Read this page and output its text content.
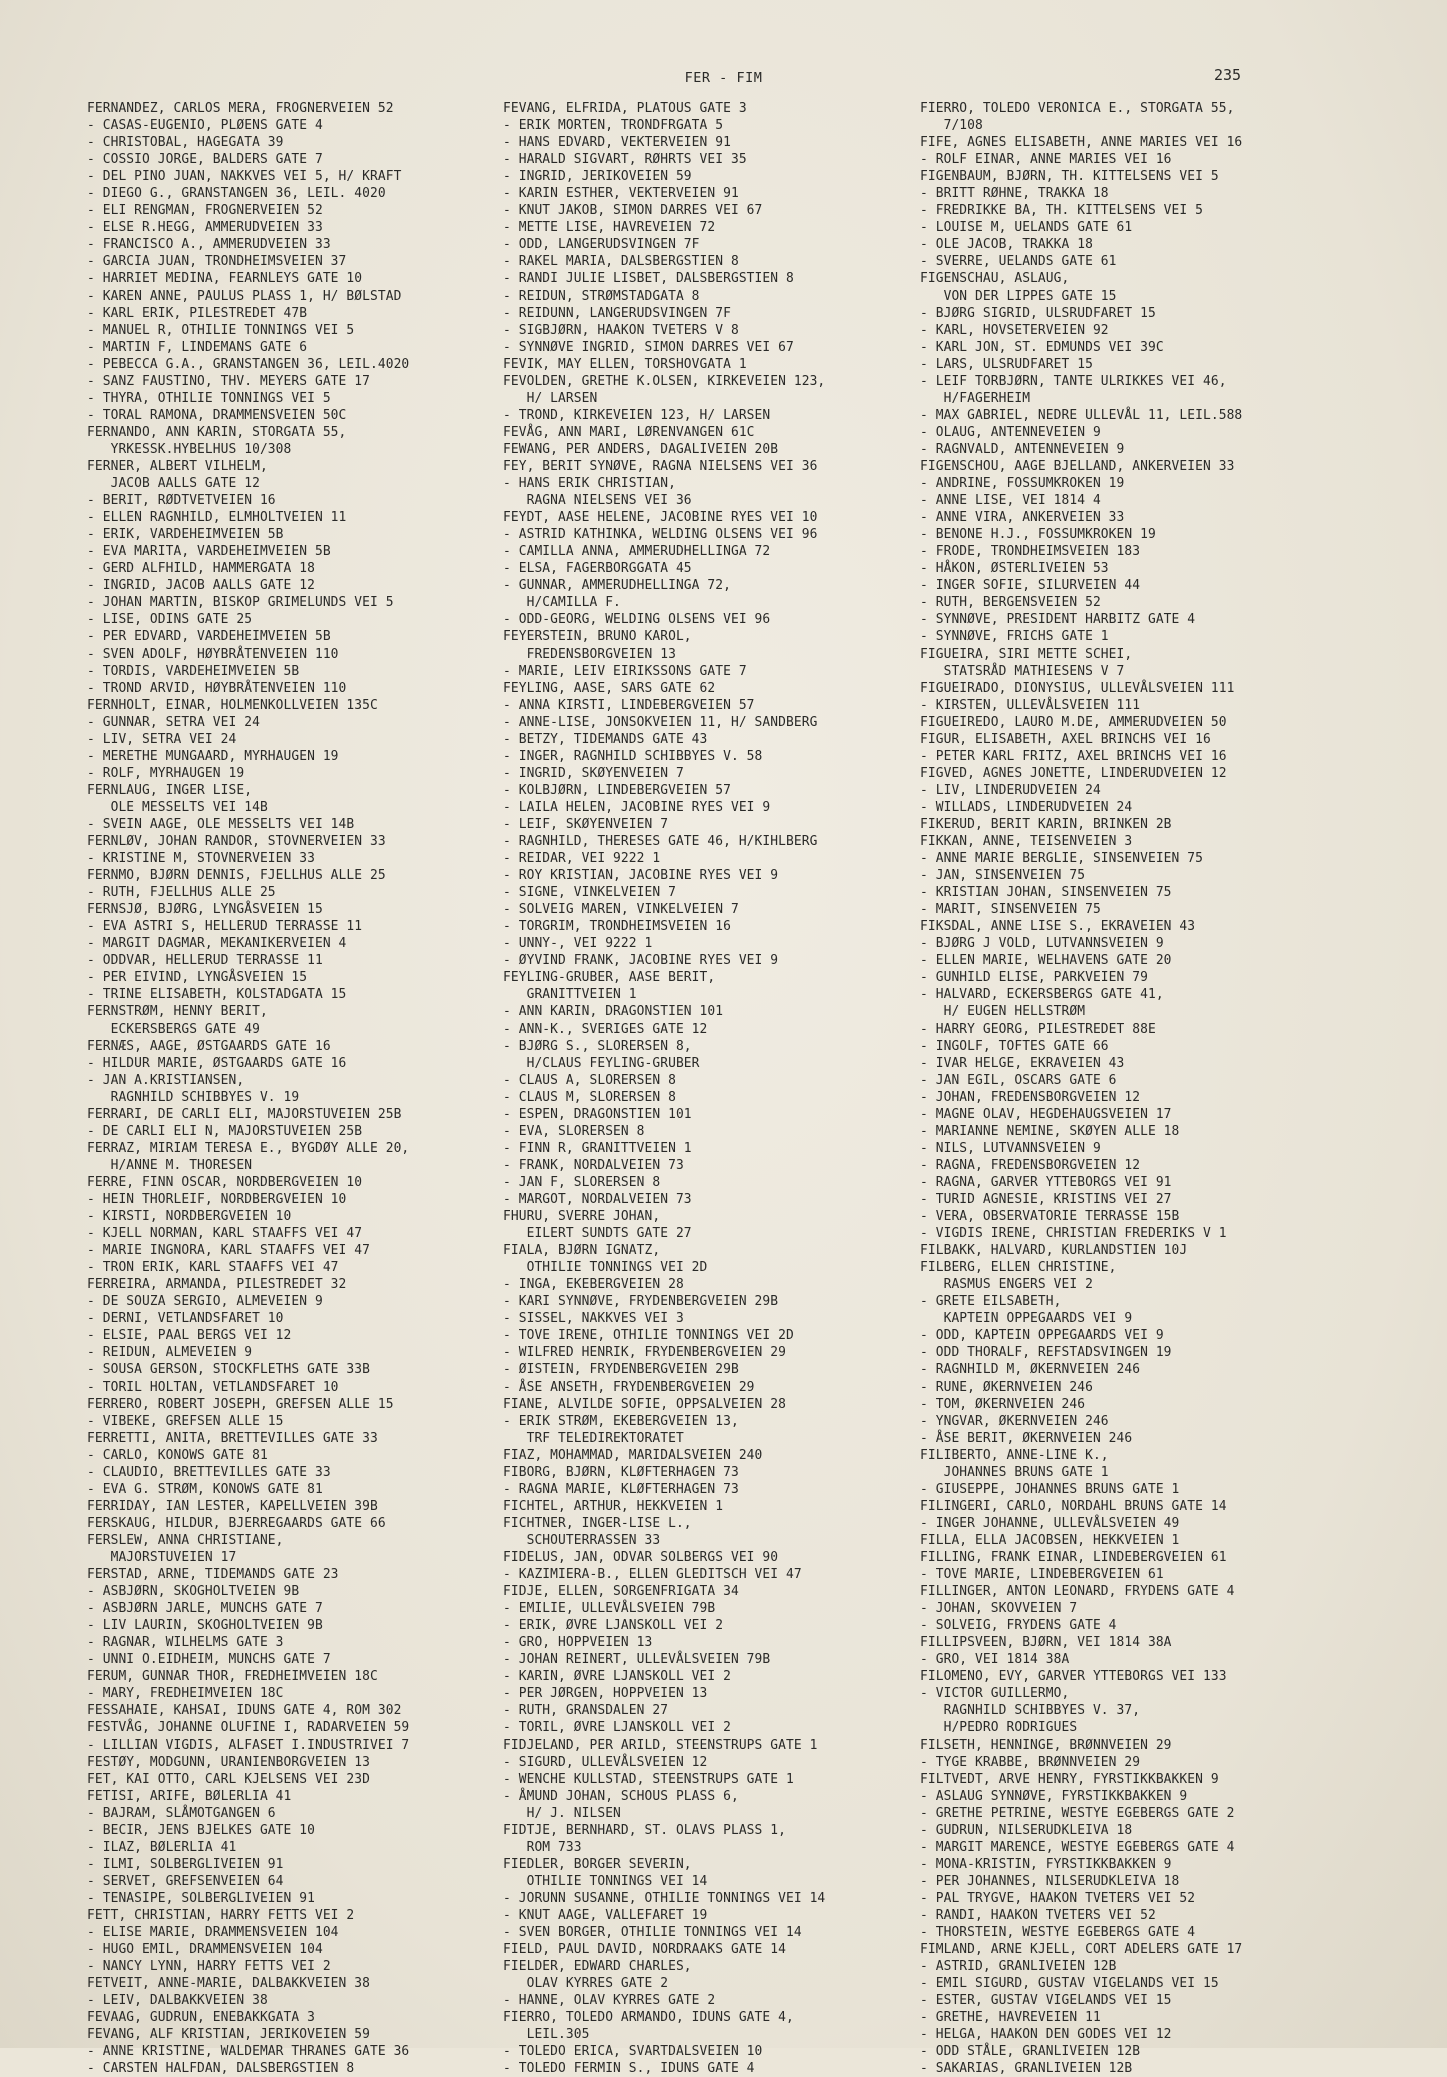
FER - FIM	235
FERNANDEZ, CARLOS MERA, FROGNERVEIEN 52
- CASAS-EUGENIO, PLØENS GATE 4
- CHRISTOBAL, HAGEGATA 39
- COSSIO JORGE, BALDERS GATE 7
- DEL PINO JUAN, NAKKVES VEI 5, H/ KRAFT
- DIEGO G., GRANSTANGEN 36, LEIL. 4020
- ELI RENGMAN, FROGNERVEIEN 52
- ELSE R.HEGG, AMMERUDVEIEN 33
- FRANCISCO A., AMMERUDVEIEN 33
- GARCIA JUAN, TRONDHEIMSVEIEN 37
- HARRIET MEDINA, FEARNLEYS GATE 10
- KAREN ANNE, PAULUS PLASS 1, H/ BØLSTAD
- KARL ERIK, PILESTREDET 47B
- MANUEL R, OTHILIE TONNINGS VEI 5
- MARTIN F, LINDEMANS GATE 6
- PEBECCA G.A., GRANSTANGEN 36, LEIL.4020
- SANZ FAUSTINO, THV. MEYERS GATE 17
- THYRA, OTHILIE TONNINGS VEI 5
- TORAL RAMONA, DRAMMENSVEIEN 50C
FERNANDO, ANN KARIN, STORGATA 55,
YRKESSK.HYBELHUS 10/308
FERNER, ALBERT VILHELM,
JACOB AALLS GATE 12
- BERIT, RØDTVETVEIEN 16
- ELLEN RAGNHILD, ELMHOLTVEIEN 11
- ERIK, VARDEHEIMVEIEN 5B
- EVA MARITA, VARDEHEIMVEIEN 5B
- GERD ALFHILD, HAMMERGATA 18
- INGRID, JACOB AALLS GATE 12
- JOHAN MARTIN, BISKOP GRIMELUNDS VEI 5
- LISE, ODINS GATE 25
- PER EDVARD, VARDEHEIMVEIEN 5B
- SVEN ADOLF, HØYBRÅTENVEIEN 110
- TORDIS, VARDEHEIMVEIEN 5B
- TROND ARVID, HØYBRÅTENVEIEN 110
FERNHOLT, EINAR, HOLMENKOLLVEIEN 135C
- GUNNAR, SETRA VEI 24
- LIV, SETRA VEI 24
- MERETHE MUNGAARD, MYRHAUGEN 19
- ROLF, MYRHAUGEN 19
FERNLAUG, INGER LISE,
OLE MESSELTS VEI 14B
- SVEIN AAGE, OLE MESSELTS VEI 14B
FERNLØV, JOHAN RANDOR, STOVNERVEIEN 33
- KRISTINE M, STOVNERVEIEN 33
FERNMO, BJØRN DENNIS, FJELLHUS ALLE 25
- RUTH, FJELLHUS ALLE 25
FERNSJØ, BJØRG, LYNGÅSVEIEN 15
- EVA ASTRI S, HELLERUD TERRASSE 11
- MARGIT DAGMAR, MEKANIKERVEIEN 4
- ODDVAR, HELLERUD TERRASSE 11
- PER EIVIND, LYNGÅSVEIEN 15
- TRINE ELISABETH, KOLSTADGATA 15
FERNSTRØM, HENNY BERIT,
ECKERSBERGS GATE 49
FERNÆS, AAGE, ØSTGAARDS GATE 16
- HILDUR MARIE, ØSTGAARDS GATE 16
- JAN A.KRISTIANSEN,
RAGNHILD SCHIBBYES V. 19
FERRARI, DE CARLI ELI, MAJORSTUVEIEN 25B
- DE CARLI ELI N, MAJORSTUVEIEN 25B
FERRAZ, MIRIAM TERESA E., BYGDØY ALLE 20,
H/ANNE M. THORESEN
FERRE, FINN OSCAR, NORDBERGVEIEN 10
- HEIN THORLEIF, NORDBERGVEIEN 10
- KIRSTI, NORDBERGVEIEN 10
- KJELL NORMAN, KARL STAAFFS VEI 47
- MARIE INGNORA, KARL STAAFFS VEI 47
- TRON ERIK, KARL STAAFFS VEI 47
FERREIRA, ARMANDA, PILESTREDET 32
- DE SOUZA SERGIO, ALMEVEIEN 9
- DERNI, VETLANDSFARET 10
- ELSIE, PAAL BERGS VEI 12
- REIDUN, ALMEVEIEN 9
- SOUSA GERSON, STOCKFLETHS GATE 33B
- TORIL HOLTAN, VETLANDSFARET 10
FERRERO, ROBERT JOSEPH, GREFSEN ALLE 15
- VIBEKE, GREFSEN ALLE 15
FERRETTI, ANITA, BRETTEVILLES GATE 33
- CARLO, KONOWS GATE 81
- CLAUDIO, BRETTEVILLES GATE 33
- EVA G. STRØM, KONOWS GATE 81
FERRIDAY, IAN LESTER, KAPELLVEIEN 39B
FERSKAUG, HILDUR, BJERREGAARDS GATE 66
FERSLEW, ANNA CHRISTIANE,
MAJORSTUVEIEN 17
FERSTAD, ARNE, TIDEMANDS GATE 23
- ASBJØRN, SKOGHOLTVEIEN 9B
- ASBJØRN JARLE, MUNCHS GATE 7
- LIV LAURIN, SKOGHOLTVEIEN 9B
- RAGNAR, WILHELMS GATE 3
- UNNI O.EIDHEIM, MUNCHS GATE 7
FERUM, GUNNAR THOR, FREDHEIMVEIEN 18C
- MARY, FREDHEIMVEIEN 18C
FESSAHAIE, KAHSAI, IDUNS GATE 4, ROM 302
FESTVÅG, JOHANNE OLUFINE I, RADARVEIEN 59
- LILLIAN VIGDIS, ALFASET I.INDUSTRIVEI 7
FESTØY, MODGUNN, URANIENBORGVEIEN 13
FET, KAI OTTO, CARL KJELSENS VEI 23D
FETISI, ARIFE, BØLERLIA 41
- BAJRAM, SLÅMOTGANGEN 6
- BECIR, JENS BJELKES GATE 10
- ILAZ, BØLERLIA 41
- ILMI, SOLBERGLIVEIEN 91
- SERVET, GREFSENVEIEN 64
- TENASIPE, SOLBERGLIVEIEN 91
FETT, CHRISTIAN, HARRY FETTS VEI 2
- ELISE MARIE, DRAMMENSVEIEN 104
- HUGO EMIL, DRAMMENSVEIEN 104
- NANCY LYNN, HARRY FETTS VEI 2
FETVEIT, ANNE-MARIE, DALBAKKVEIEN 38
- LEIV, DALBAKKVEIEN 38
FEVAAG, GUDRUN, ENEBAKKGATA 3
FEVANG, ALF KRISTIAN, JERIKOVEIEN 59
- ANNE KRISTINE, WALDEMAR THRANES GATE 36
- CARSTEN HALFDAN, DALSBERGSTIEN 8
FEVANG, ELFRIDA, PLATOUS GATE 3
- ERIK MORTEN, TRONDFRGATA 5
- HANS EDVARD, VEKTERVEIEN 91
- HARALD SIGVART, RØHRTS VEI 35
- INGRID, JERIKOVEIEN 59
- KARIN ESTHER, VEKTERVEIEN 91
- KNUT JAKOB, SIMON DARRES VEI 67
- METTE LISE, HAVREVEIEN 72
- ODD, LANGERUDSVINGEN 7F
- RAKEL MARIA, DALSBERGSTIEN 8
- RANDI JULIE LISBET, DALSBERGSTIEN 8
- REIDUN, STRØMSTADGATA 8
- REIDUNN, LANGERUDSVINGEN 7F
- SIGBJØRN, HAAKON TVETERS V 8
- SYNNØVE INGRID, SIMON DARRES VEI 67
FEVIK, MAY ELLEN, TORSHOVGATA 1
FEVOLDEN, GRETHE K.OLSEN, KIRKEVEIEN 123,
H/ LARSEN
- TROND, KIRKEVEIEN 123, H/ LARSEN
FEVÅG, ANN MARI, LØRENVANGEN 61C
FEWANG, PER ANDERS, DAGALIVEIEN 20B
FEY, BERIT SYNØVE, RAGNA NIELSENS VEI 36
- HANS ERIK CHRISTIAN,
RAGNA NIELSENS VEI 36
FEYDT, AASE HELENE, JACOBINE RYES VEI 10
- ASTRID KATHINKA, WELDING OLSENS VEI 96
- CAMILLA ANNA, AMMERUDHELLINGA 72
- ELSA, FAGERBORGGATA 45
- GUNNAR, AMMERUDHELLINGA 72,
H/CAMILLA F.
- ODD-GEORG, WELDING OLSENS VEI 96
FEYERSTEIN, BRUNO KAROL,
FREDENSBORGVEIEN 13
- MARIE, LEIV EIRIKSSONS GATE 7
FEYLING, AASE, SARS GATE 62
- ANNA KIRSTI, LINDEBERGVEIEN 57
- ANNE-LISE, JONSOKVEIEN 11, H/ SANDBERG
- BETZY, TIDEMANDS GATE 43
- INGER, RAGNHILD SCHIBBYES V. 58
- INGRID, SKØYENVEIEN 7
- KOLBJØRN, LINDEBERGVEIEN 57
- LAILA HELEN, JACOBINE RYES VEI 9
- LEIF, SKØYENVEIEN 7
- RAGNHILD, THERESES GATE 46, H/KIHLBERG
- REIDAR, VEI 9222 1
- ROY KRISTIAN, JACOBINE RYES VEI 9
- SIGNE, VINKELVEIEN 7
- SOLVEIG MAREN, VINKELVEIEN 7
- TORGRIM, TRONDHEIMSVEIEN 16
- UNNY-, VEI 9222 1
- ØYVIND FRANK, JACOBINE RYES VEI 9
FEYLING-GRUBER, AASE BERIT,
GRANITTVEIEN 1
- ANN KARIN, DRAGONSTIEN 101
- ANN-K., SVERIGES GATE 12
- BJØRG S., SLORERSEN 8,
H/CLAUS FEYLING-GRUBER
- CLAUS A, SLORERSEN 8
- CLAUS M, SLORERSEN 8
- ESPEN, DRAGONSTIEN 101
- EVA, SLORERSEN 8
- FINN R, GRANITTVEIEN 1
- FRANK, NORDALVEIEN 73
- JAN F, SLORERSEN 8
- MARGOT, NORDALVEIEN 73
FHURU, SVERRE JOHAN,
EILERT SUNDTS GATE 27
FIALA, BJØRN IGNATZ,
OTHILIE TONNINGS VEI 2D
- INGA, EKEBERGVEIEN 28
- KARI SYNNØVE, FRYDENBERGVEIEN 29B
- SISSEL, NAKKVES VEI 3
- TOVE IRENE, OTHILIE TONNINGS VEI 2D
- WILFRED HENRIK, FRYDENBERGVEIEN 29
- ØISTEIN, FRYDENBERGVEIEN 29B
- ÅSE ANSETH, FRYDENBERGVEIEN 29
FIANE, ALVILDE SOFIE, OPPSALVEIEN 28
- ERIK STRØM, EKEBERGVEIEN 13,
TRF TELEDIREKTORATET
FIAZ, MOHAMMAD, MARIDALSVEIEN 240
FIBORG, BJØRN, KLØFTERHAGEN 73
- RAGNA MARIE, KLØFTERHAGEN 73
FICHTEL, ARTHUR, HEKKVEIEN 1
FICHTNER, INGER-LISE L.,
SCHOUTERRASSEN 33
FIDELUS, JAN, ODVAR SOLBERGS VEI 90
- KAZIMIERA-B., ELLEN GLEDITSCH VEI 47
FIDJE, ELLEN, SORGENFRIGATA 34
- EMILIE, ULLEVÅLSVEIEN 79B
- ERIK, ØVRE LJANSKOLL VEI 2
- GRO, HOPPVEIEN 13
- JOHAN REINERT, ULLEVÅLSVEIEN 79B
- KARIN, ØVRE LJANSKOLL VEI 2
- PER JØRGEN, HOPPVEIEN 13
- RUTH, GRANSDALEN 27
- TORIL, ØVRE LJANSKOLL VEI 2
FIDJELAND, PER ARILD, STEENSTRUPS GATE 1
- SIGURD, ULLEVÅLSVEIEN 12
- WENCHE KULLSTAD, STEENSTRUPS GATE 1
- ÅMUND JOHAN, SCHOUS PLASS 6,
H/ J. NILSEN
FIDTJE, BERNHARD, ST. OLAVS PLASS 1,
ROM 733
FIEDLER, BORGER SEVERIN,
OTHILIE TONNINGS VEI 14
- JORUNN SUSANNE, OTHILIE TONNINGS VEI 14
- KNUT AAGE, VALLEFARET 19
- SVEN BORGER, OTHILIE TONNINGS VEI 14
FIELD, PAUL DAVID, NORDRAAKS GATE 14
FIELDER, EDWARD CHARLES,
OLAV KYRRES GATE 2
- HANNE, OLAV KYRRES GATE 2
FIERRO, TOLEDO ARMANDO, IDUNS GATE 4,
LEIL.305
- TOLEDO ERICA, SVARTDALSVEIEN 10
- TOLEDO FERMIN S., IDUNS GATE 4
FIERRO, TOLEDO VERONICA E., STORGATA 55,
7/108
FIFE, AGNES ELISABETH, ANNE MARIES VEI 16
- ROLF EINAR, ANNE MARIES VEI 16
FIGENBAUM, BJØRN, TH. KITTELSENS VEI 5
- BRITT RØHNE, TRAKKA 18
- FREDRIKKE BA, TH. KITTELSENS VEI 5
- LOUISE M, UELANDS GATE 61
- OLE JACOB, TRAKKA 18
- SVERRE, UELANDS GATE 61
FIGENSCHAU, ASLAUG,
VON DER LIPPES GATE 15
- BJØRG SIGRID, ULSRUDFARET 15
- KARL, HOVSETERVEIEN 92
- KARL JON, ST. EDMUNDS VEI 39C
- LARS, ULSRUDFARET 15
- LEIF TORBJØRN, TANTE ULRIKKES VEI 46,
H/FAGERHEIM
- MAX GABRIEL, NEDRE ULLEVÅL 11, LEIL.588
- OLAUG, ANTENNEVEIEN 9
- RAGNVALD, ANTENNEVEIEN 9
FIGENSCHOU, AAGE BJELLAND, ANKERVEIEN 33
- ANDRINE, FOSSUMKROKEN 19
- ANNE LISE, VEI 1814 4
- ANNE VIRA, ANKERVEIEN 33
- BENONE H.J., FOSSUMKROKEN 19
- FRODE, TRONDHEIMSVEIEN 183
- HÅKON, ØSTERLIVEIEN 53
- INGER SOFIE, SILURVEIEN 44
- RUTH, BERGENSVEIEN 52
- SYNNØVE, PRESIDENT HARBITZ GATE 4
- SYNNØVE, FRICHS GATE 1
FIGUEIRA, SIRI METTE SCHEI,
STATSRÅD MATHIESENS V 7
FIGUEIRADO, DIONYSIUS, ULLEVÅLSVEIEN 111
- KIRSTEN, ULLEVÅLSVEIEN 111
FIGUEIREDO, LAURO M.DE, AMMERUDVEIEN 50
FIGUR, ELISABETH, AXEL BRINCHS VEI 16
- PETER KARL FRITZ, AXEL BRINCHS VEI 16
FIGVED, AGNES JONETTE, LINDERUDVEIEN 12
- LIV, LINDERUDVEIEN 24
- WILLADS, LINDERUDVEIEN 24
FIKERUD, BERIT KARIN, BRINKEN 2B
FIKKAN, ANNE, TEISENVEIEN 3
- ANNE MARIE BERGLIE, SINSENVEIEN 75
- JAN, SINSENVEIEN 75
- KRISTIAN JOHAN, SINSENVEIEN 75
- MARIT, SINSENVEIEN 75
FIKSDAL, ANNE LISE S., EKRAVEIEN 43
- BJØRG J VOLD, LUTVANNSVEIEN 9
- ELLEN MARIE, WELHAVENS GATE 20
- GUNHILD ELISE, PARKVEIEN 79
- HALVARD, ECKERSBERGS GATE 41,
H/ EUGEN HELLSTRØM
- HARRY GEORG, PILESTREDET 88E
- INGOLF, TOFTES GATE 66
- IVAR HELGE, EKRAVEIEN 43
- JAN EGIL, OSCARS GATE 6
- JOHAN, FREDENSBORGVEIEN 12
- MAGNE OLAV, HEGDEHAUGSVEIEN 17
- MARIANNE NEMINE, SKØYEN ALLE 18
- NILS, LUTVANNSVEIEN 9
- RAGNA, FREDENSBORGVEIEN 12
- RAGNA, GARVER YTTEBORGS VEI 91
- TURID AGNESIE, KRISTINS VEI 27
- VERA, OBSERVATORIE TERRASSE 15B
- VIGDIS IRENE, CHRISTIAN FREDERIKS V 1
FILBAKK, HALVARD, KURLANDSTIEN 10J
FILBERG, ELLEN CHRISTINE,
RASMUS ENGERS VEI 2
- GRETE EILSABETH,
KAPTEIN OPPEGAARDS VEI 9
- ODD, KAPTEIN OPPEGAARDS VEI 9
- ODD THORALF, REFSTADSVINGEN 19
- RAGNHILD M, ØKERNVEIEN 246
- RUNE, ØKERNVEIEN 246
- TOM, ØKERNVEIEN 246
- YNGVAR, ØKERNVEIEN 246
- ÅSE BERIT, ØKERNVEIEN 246
FILIBERTO, ANNE-LINE K.,
JOHANNES BRUNS GATE 1
- GIUSEPPE, JOHANNES BRUNS GATE 1
FILINGERI, CARLO, NORDAHL BRUNS GATE 14
- INGER JOHANNE, ULLEVÅLSVEIEN 49
FILLA, ELLA JACOBSEN, HEKKVEIEN 1
FILLING, FRANK EINAR, LINDEBERGVEIEN 61
- TOVE MARIE, LINDEBERGVEIEN 61
FILLINGER, ANTON LEONARD, FRYDENS GATE 4
- JOHAN, SKOVVEIEN 7
- SOLVEIG, FRYDENS GATE 4
FILLIPSVEEN, BJØRN, VEI 1814 38A
- GRO, VEI 1814 38A
FILOMENO, EVY, GARVER YTTEBORGS VEI 133
- VICTOR GUILLERMO,
RAGNHILD SCHIBBYES V. 37,
H/PEDRO RODRIGUES
FILSETH, HENNINGE, BRØNNVEIEN 29
- TYGE KRABBE, BRØNNVEIEN 29
FILTVEDT, ARVE HENRY, FYRSTIKKBAKKEN 9
- ASLAUG SYNNØVE, FYRSTIKKBAKKEN 9
- GRETHE PETRINE, WESTYE EGEBERGS GATE 2
- GUDRUN, NILSERUDKLEIVA 18
- MARGIT MARENCE, WESTYE EGEBERGS GATE 4
- MONA-KRISTIN, FYRSTIKKBAKKEN 9
- PER JOHANNES, NILSERUDKLEIVA 18
- PAL TRYGVE, HAAKON TVETERS VEI 52
- RANDI, HAAKON TVETERS VEI 52
- THORSTEIN, WESTYE EGEBERGS GATE 4
FIMLAND, ARNE KJELL, CORT ADELERS GATE 17
- ASTRID, GRANLIVEIEN 12B
- EMIL SIGURD, GUSTAV VIGELANDS VEI 15
- ESTER, GUSTAV VIGELANDS VEI 15
- GRETHE, HAVREVEIEN 11
- HELGA, HAAKON DEN GODES VEI 12
- ODD STÅLE, GRANLIVEIEN 12B
- SAKARIAS, GRANLIVEIEN 12B
